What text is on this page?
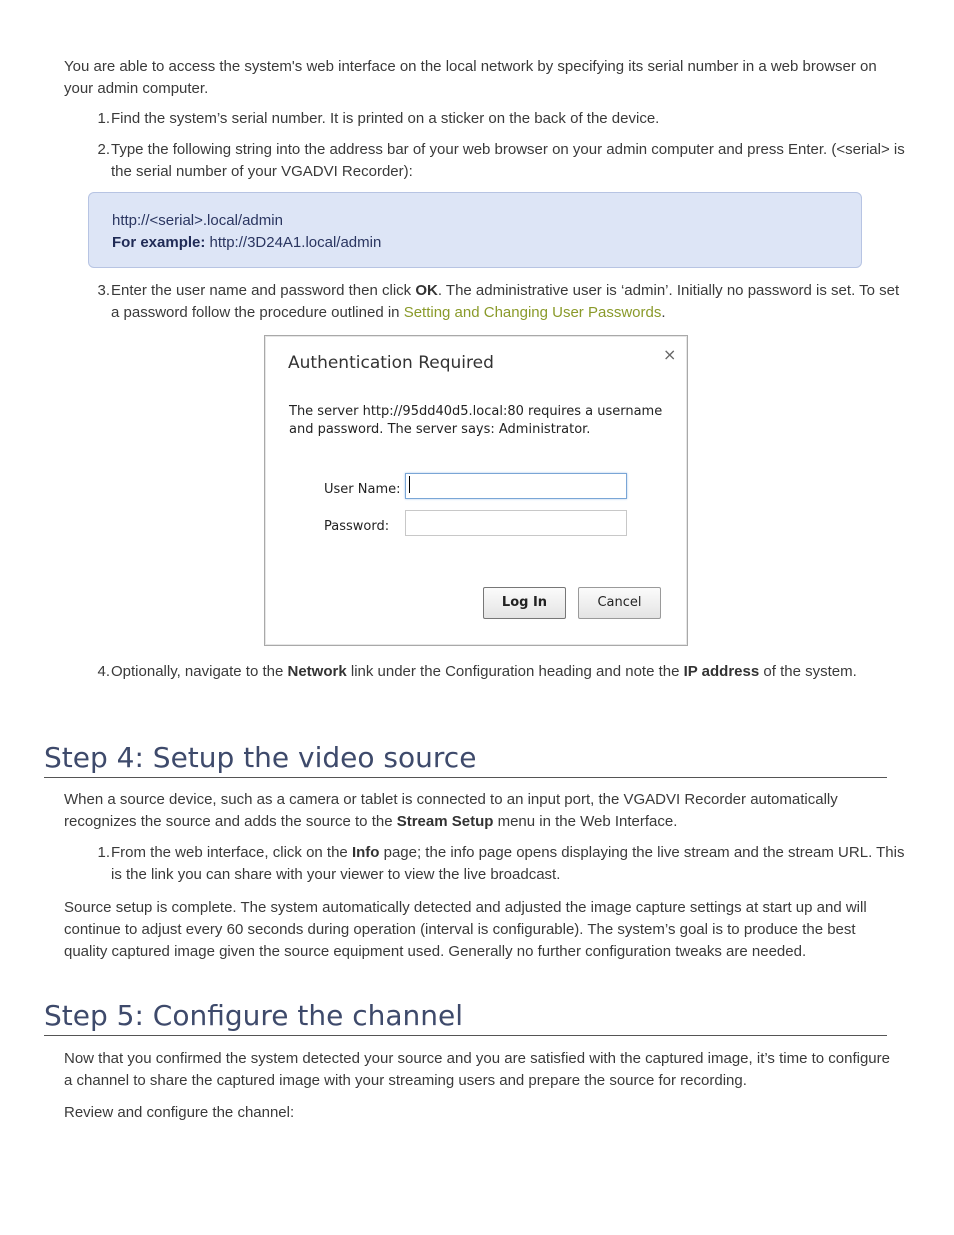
You are able to access the system's web interface on the local network by specifying its serial number in a web browser on your admin computer.

1. Find the system’s serial number. It is printed on a sticker on the back of the device.
2. Type the following string into the address bar of your web browser on your admin computer and press Enter. (<serial> is the serial number of your VGADVI Recorder):
http://<serial>.local/admin
For example: http://3D24A1.local/admin
3. Enter the user name and password then click OK. The administrative user is ‘admin’. Initially no password is set. To set a password follow the procedure outlined in Setting and Changing User Passwords.
Authentication Required	×
The server http://95dd40d5.local:80 requires a username and password. The server says: Administrator.
User Name:
Password:
Log In	Cancel
4. Optionally, navigate to the Network link under the Configuration heading and note the IP address of the system.
Step 4: Setup the video source

When a source device, such as a camera or tablet is connected to an input port, the VGADVI Recorder automatically recognizes the source and adds the source to the Stream Setup menu in the Web Interface.

1. From the web interface, click on the Info page; the info page opens displaying the live stream and the stream URL. This is the link you can share with your viewer to view the live broadcast.

Source setup is complete. The system automatically detected and adjusted the image capture settings at start up and will continue to adjust every 60 seconds during operation (interval is configurable). The system’s goal is to produce the best quality captured image given the source equipment used. Generally no further configuration tweaks are needed.

Step 5: Configure the channel

Now that you confirmed the system detected your source and you are satisfied with the captured image, it’s time to configure a channel to share the captured image with your streaming users and prepare the source for recording.

Review and configure the channel:
